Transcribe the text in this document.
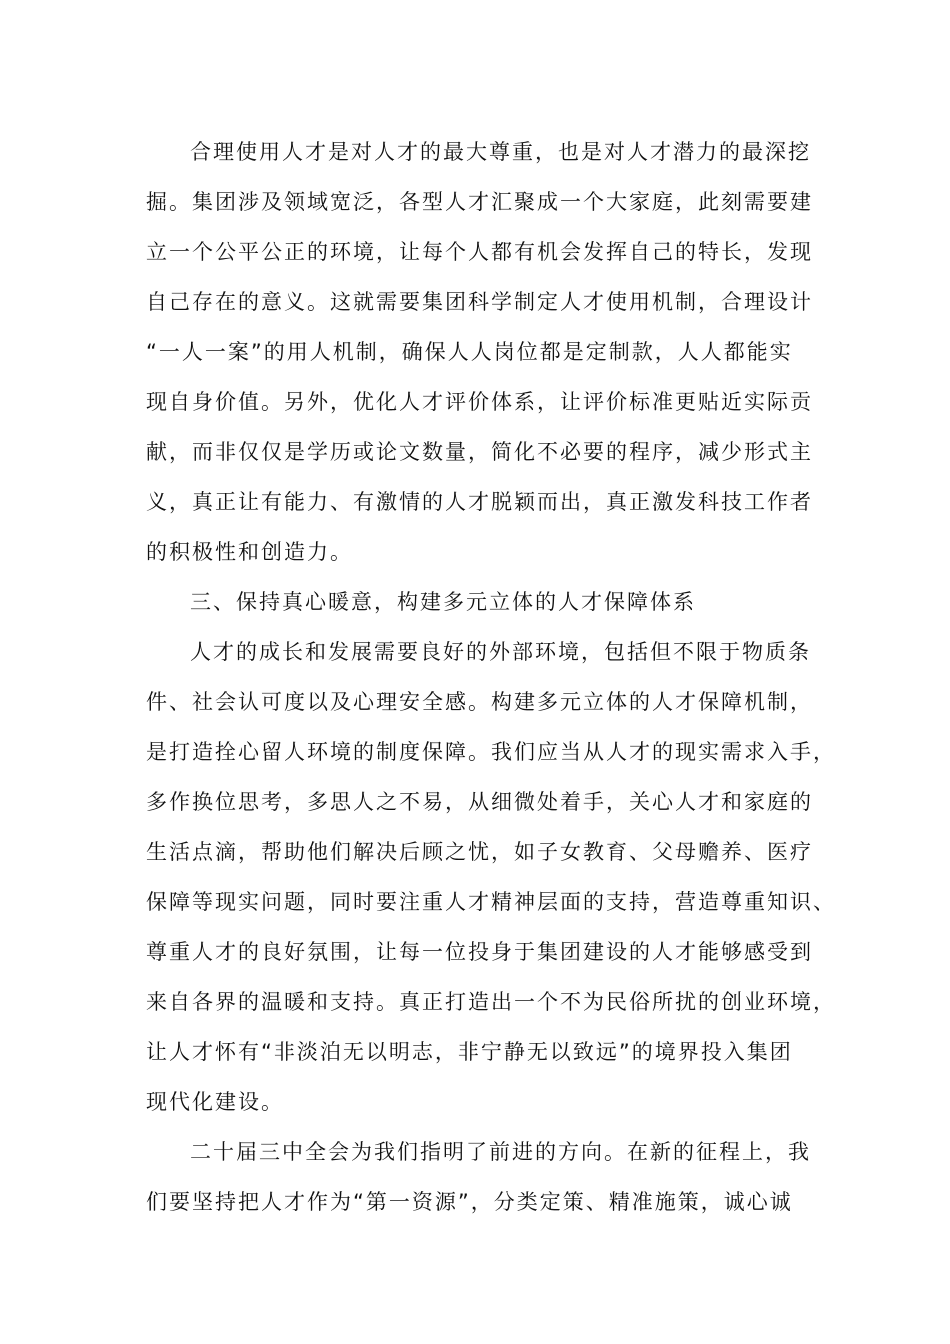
合理使用人才是对人才的最大尊重，也是对人才潜力的最深挖
掘。集团涉及领域宽泛，各型人才汇聚成一个大家庭，此刻需要建
立一个公平公正的环境，让每个人都有机会发挥自己的特长，发现
自己存在的意义。这就需要集团科学制定人才使用机制，合理设计
“一人一案”的用人机制，确保人人岗位都是定制款，人人都能实
现自身价值。另外，优化人才评价体系，让评价标准更贴近实际贡
献，而非仅仅是学历或论文数量，简化不必要的程序，减少形式主
义，真正让有能力、有激情的人才脱颖而出，真正激发科技工作者
的积极性和创造力。
三、保持真心暖意，构建多元立体的人才保障体系
人才的成长和发展需要良好的外部环境，包括但不限于物质条
件、社会认可度以及心理安全感。构建多元立体的人才保障机制，
是打造拴心留人环境的制度保障。我们应当从人才的现实需求入手，
多作换位思考，多思人之不易，从细微处着手，关心人才和家庭的
生活点滴，帮助他们解决后顾之忧，如子女教育、父母赡养、医疗
保障等现实问题，同时要注重人才精神层面的支持，营造尊重知识、
尊重人才的良好氛围，让每一位投身于集团建设的人才能够感受到
来自各界的温暖和支持。真正打造出一个不为民俗所扰的创业环境，
让人才怀有“非淡泊无以明志，非宁静无以致远”的境界投入集团
现代化建设。
二十届三中全会为我们指明了前进的方向。在新的征程上，我
们要坚持把人才作为“第一资源”，分类定策、精准施策，诚心诚
